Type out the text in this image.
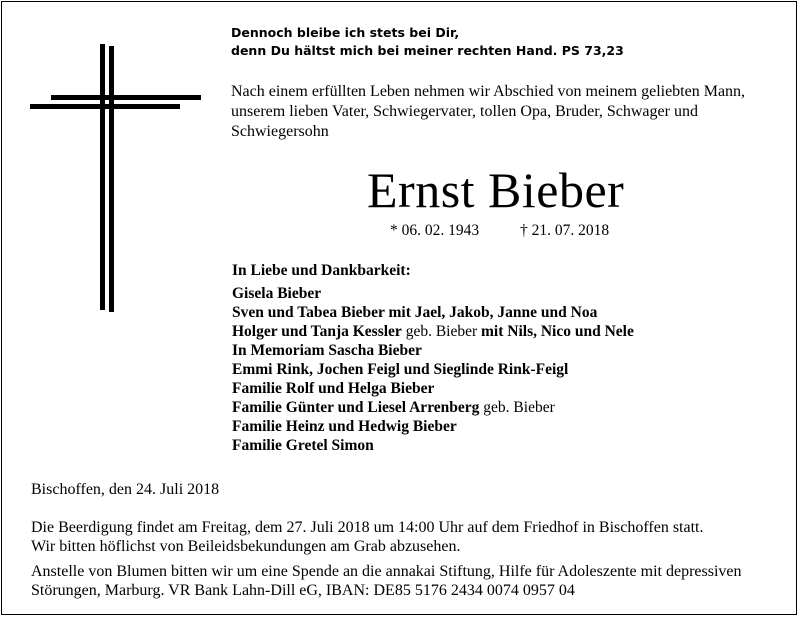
Dennoch bleibe ich stets bei Dir,
denn Du hältst mich bei meiner rechten Hand. PS 73,23
Nach einem erfüllten Leben nehmen wir Abschied von meinem geliebten Mann,
unserem lieben Vater, Schwiegervater, tollen Opa, Bruder, Schwager und
Schwiegersohn
Ernst Bieber
* 06. 02. 1943	† 21. 07. 2018
In Liebe und Dankbarkeit:
Gisela Bieber
Sven und Tabea Bieber mit Jael, Jakob, Janne und Noa
Holger und Tanja Kessler geb. Bieber mit Nils, Nico und Nele
In Memoriam Sascha Bieber
Emmi Rink, Jochen Feigl und Sieglinde Rink-Feigl
Familie Rolf und Helga Bieber
Familie Günter und Liesel Arrenberg geb. Bieber
Familie Heinz und Hedwig Bieber
Familie Gretel Simon
Bischoffen, den 24. Juli 2018
Die Beerdigung findet am Freitag, dem 27. Juli 2018 um 14:00 Uhr auf dem Friedhof in Bischoffen statt.
Wir bitten höflichst von Beileidsbekundungen am Grab abzusehen.
Anstelle von Blumen bitten wir um eine Spende an die annakai Stiftung, Hilfe für Adoleszente mit depressiven
Störungen, Marburg. VR Bank Lahn-Dill eG, IBAN: DE85 5176 2434 0074 0957 04
